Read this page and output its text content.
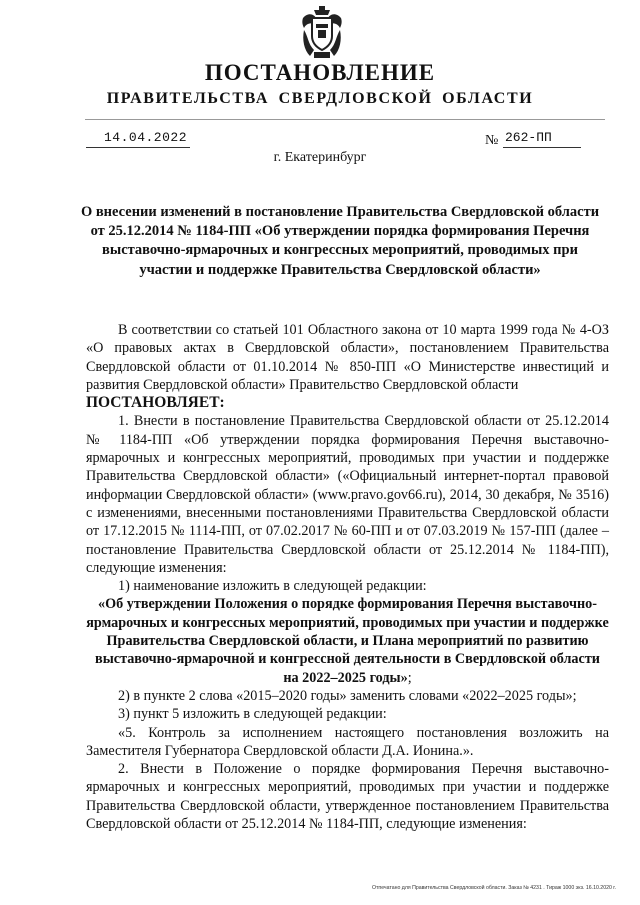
ПОСТАНОВЛЕНИЕ
ПРАВИТЕЛЬСТВА СВЕРДЛОВСКОЙ ОБЛАСТИ
14.04.2022	№ 262-ПП
г. Екатеринбург
О внесении изменений в постановление Правительства Свердловской области от 25.12.2014 № 1184-ПП «Об утверждении порядка формирования Перечня выставочно-ярмарочных и конгрессных мероприятий, проводимых при участии и поддержке Правительства Свердловской области»

В соответствии со статьей 101 Областного закона от 10 марта 1999 года № 4-ОЗ «О правовых актах в Свердловской области», постановлением Правительства Свердловской области от 01.10.2014 № 850-ПП «О Министерстве инвестиций и развития Свердловской области» Правительство Свердловской области

ПОСТАНОВЛЯЕТ:

1. Внести в постановление Правительства Свердловской области от 25.12.2014 № 1184-ПП «Об утверждении порядка формирования Перечня выставочно-ярмарочных и конгрессных мероприятий, проводимых при участии и поддержке Правительства Свердловской области» («Официальный интернет-портал правовой информации Свердловской области» (www.pravo.gov66.ru), 2014, 30 декабря, № 3516) с изменениями, внесенными постановлениями Правительства Свердловской области от 17.12.2015 № 1114-ПП, от 07.02.2017 № 60-ПП и от 07.03.2019 № 157-ПП (далее – постановление Правительства Свердловской области от 25.12.2014 № 1184-ПП), следующие изменения:

1) наименование изложить в следующей редакции:

«Об утверждении Положения о порядке формирования Перечня выставочно-ярмарочных и конгрессных мероприятий, проводимых при участии и поддержке Правительства Свердловской области, и Плана мероприятий по развитию выставочно-ярмарочной и конгрессной деятельности в Свердловской области на 2022–2025 годы»;

2) в пункте 2 слова «2015–2020 годы» заменить словами «2022–2025 годы»;

3) пункт 5 изложить в следующей редакции:

«5. Контроль за исполнением настоящего постановления возложить на Заместителя Губернатора Свердловской области Д.А. Ионина.».

2. Внести в Положение о порядке формирования Перечня выставочно-ярмарочных и конгрессных мероприятий, проводимых при участии и поддержке Правительства Свердловской области, утвержденное постановлением Правительства Свердловской области от 25.12.2014 № 1184-ПП, следующие изменения:

Отпечатано для Правительства Свердловской области. Заказ № 4231 . Тираж 1000 экз. 16.10.2020 г.
